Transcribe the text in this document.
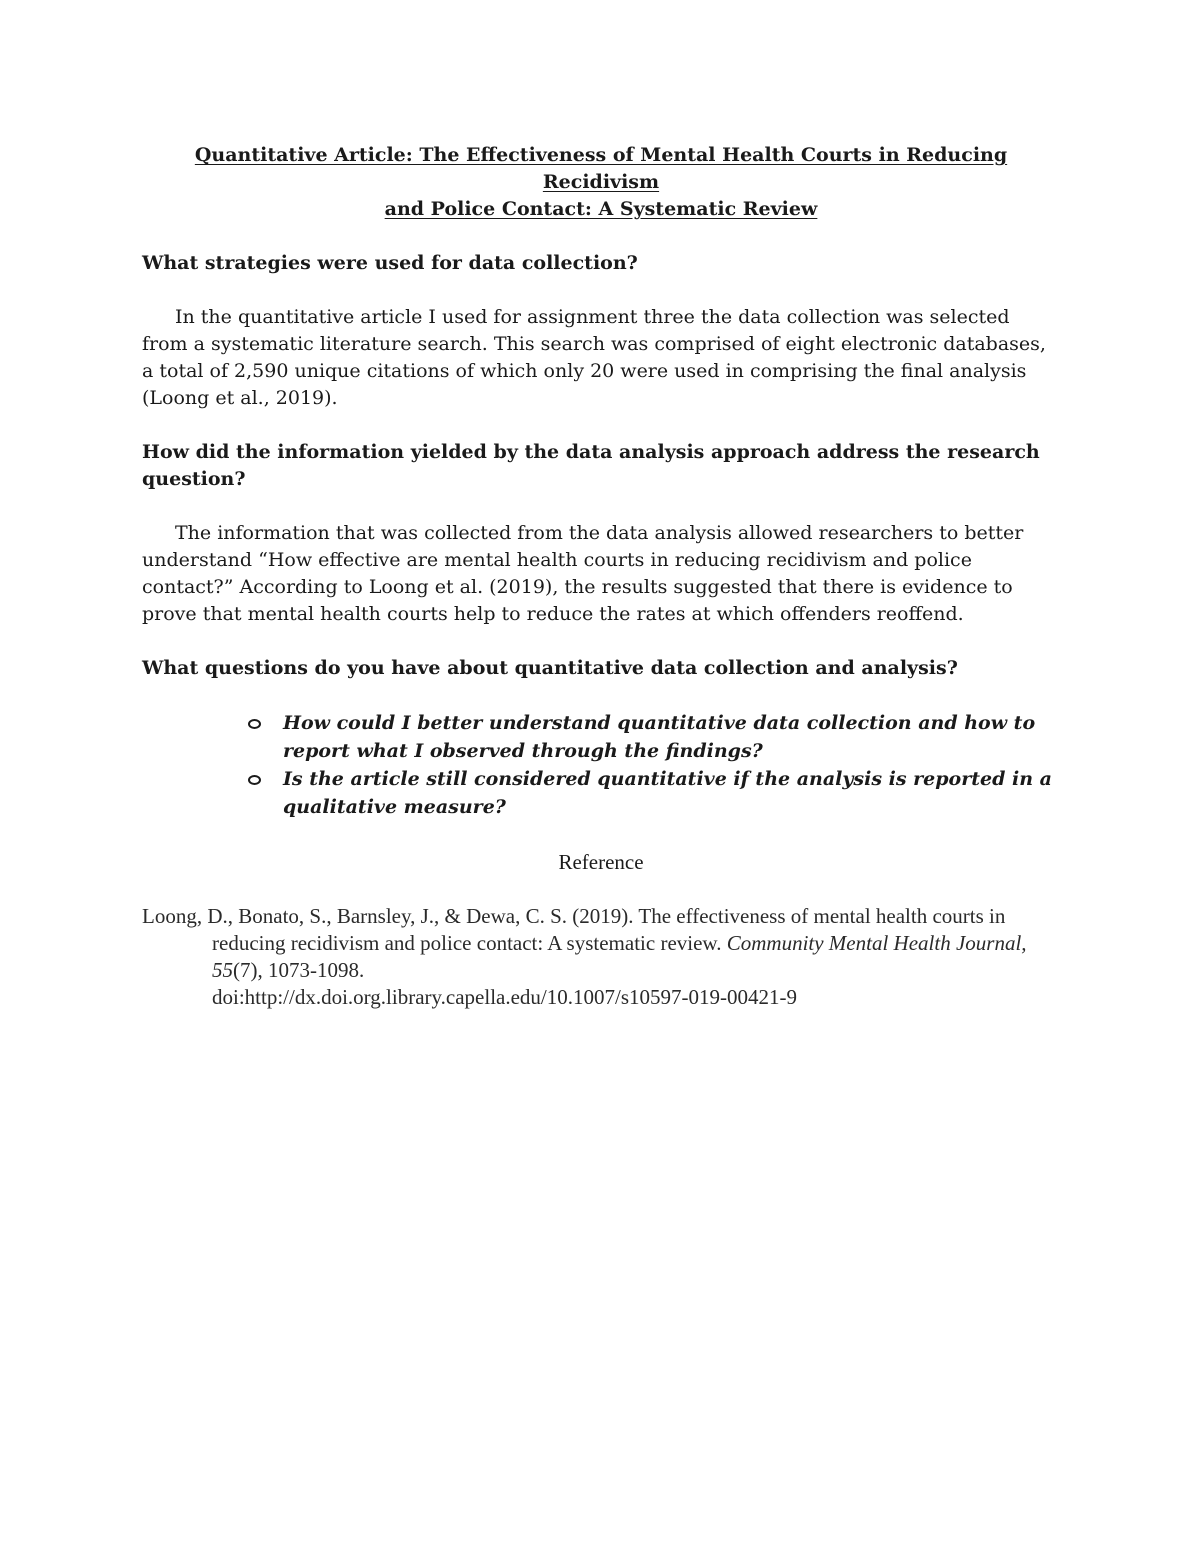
Quantitative Article: The Effectiveness of Mental Health Courts in Reducing Recidivism
and Police Contact: A Systematic Review

What strategies were used for data collection?

In the quantitative article I used for assignment three the data collection was selected from a systematic literature search. This search was comprised of eight electronic databases, a total of 2,590 unique citations of which only 20 were used in comprising the final analysis (Loong et al., 2019).

How did the information yielded by the data analysis approach address the research question?

The information that was collected from the data analysis allowed researchers to better understand “How effective are mental health courts in reducing recidivism and police contact?” According to Loong et al. (2019), the results suggested that there is evidence to prove that mental health courts help to reduce the rates at which offenders reoffend.

What questions do you have about quantitative data collection and analysis?

How could I better understand quantitative data collection and how to report what I observed through the findings?
Is the article still considered quantitative if the analysis is reported in a qualitative measure?

Reference

Loong, D., Bonato, S., Barnsley, J., & Dewa, C. S. (2019). The effectiveness of mental health courts in reducing recidivism and police contact: A systematic review. Community Mental Health Journal, 55(7), 1073-1098.
doi:http://dx.doi.org.library.capella.edu/10.1007/s10597-019-00421-9
